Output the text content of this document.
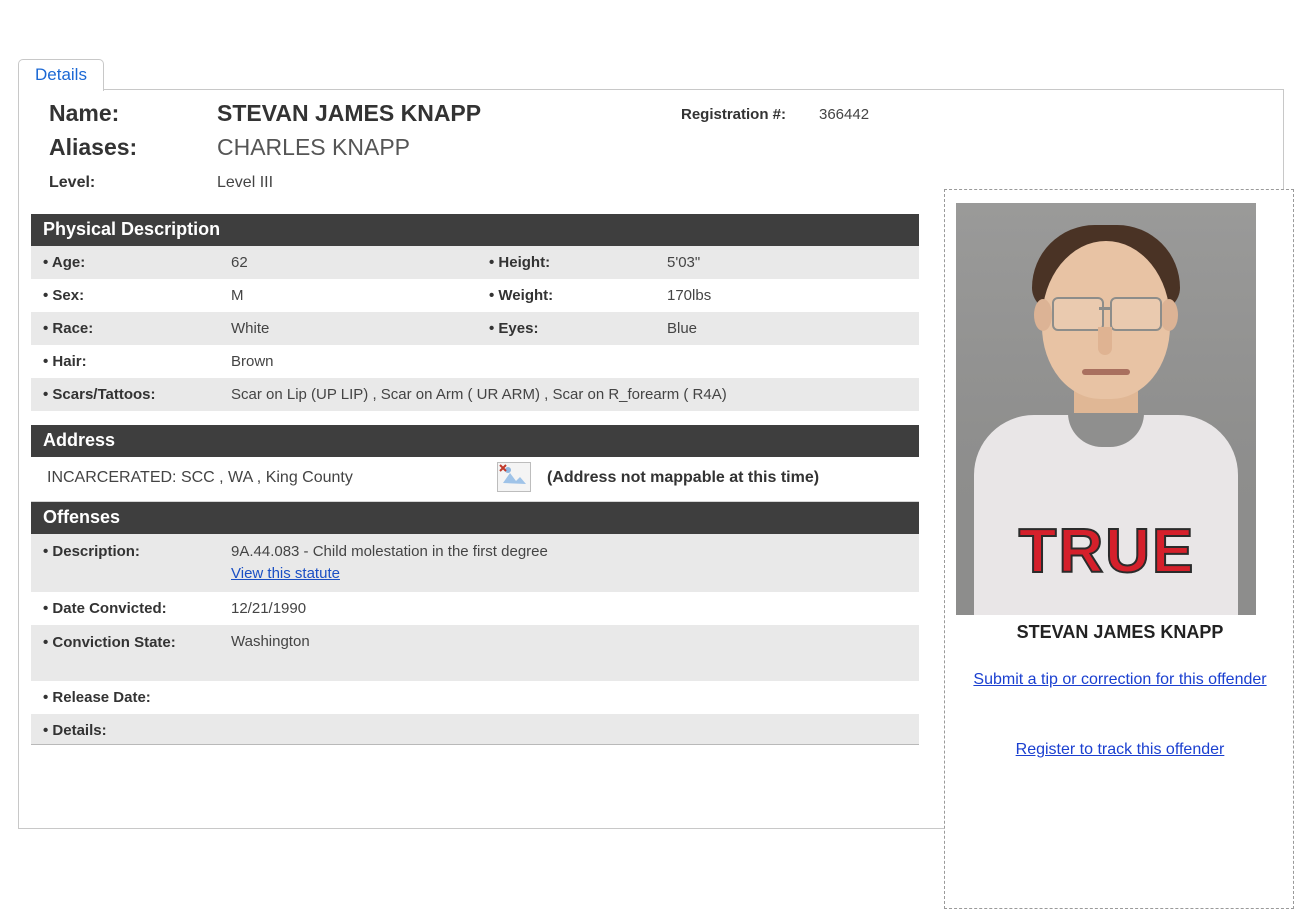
Details
Name:	STEVAN JAMES KNAPP	Registration #: 366442
Aliases:	CHARLES KNAPP
Level:	Level III
Physical Description
• Age:	62	• Height:	5'03"
• Sex:	M	• Weight:	170lbs
• Race:	White	• Eyes:	Blue
• Hair:	Brown
• Scars/Tattoos:	Scar on Lip (UP LIP) , Scar on Arm ( UR ARM) , Scar on R_forearm ( R4A)
Address
INCARCERATED: SCC , WA , King County	(Address not mappable at this time)
Offenses
• Description:	9A.44.083 - Child molestation in the first degree
View this statute
• Date Convicted:	12/21/1990
• Conviction State:	Washington
• Release Date:
• Details:
TRUE
STEVAN JAMES KNAPP
Submit a tip or correction for this offender
Register to track this offender
